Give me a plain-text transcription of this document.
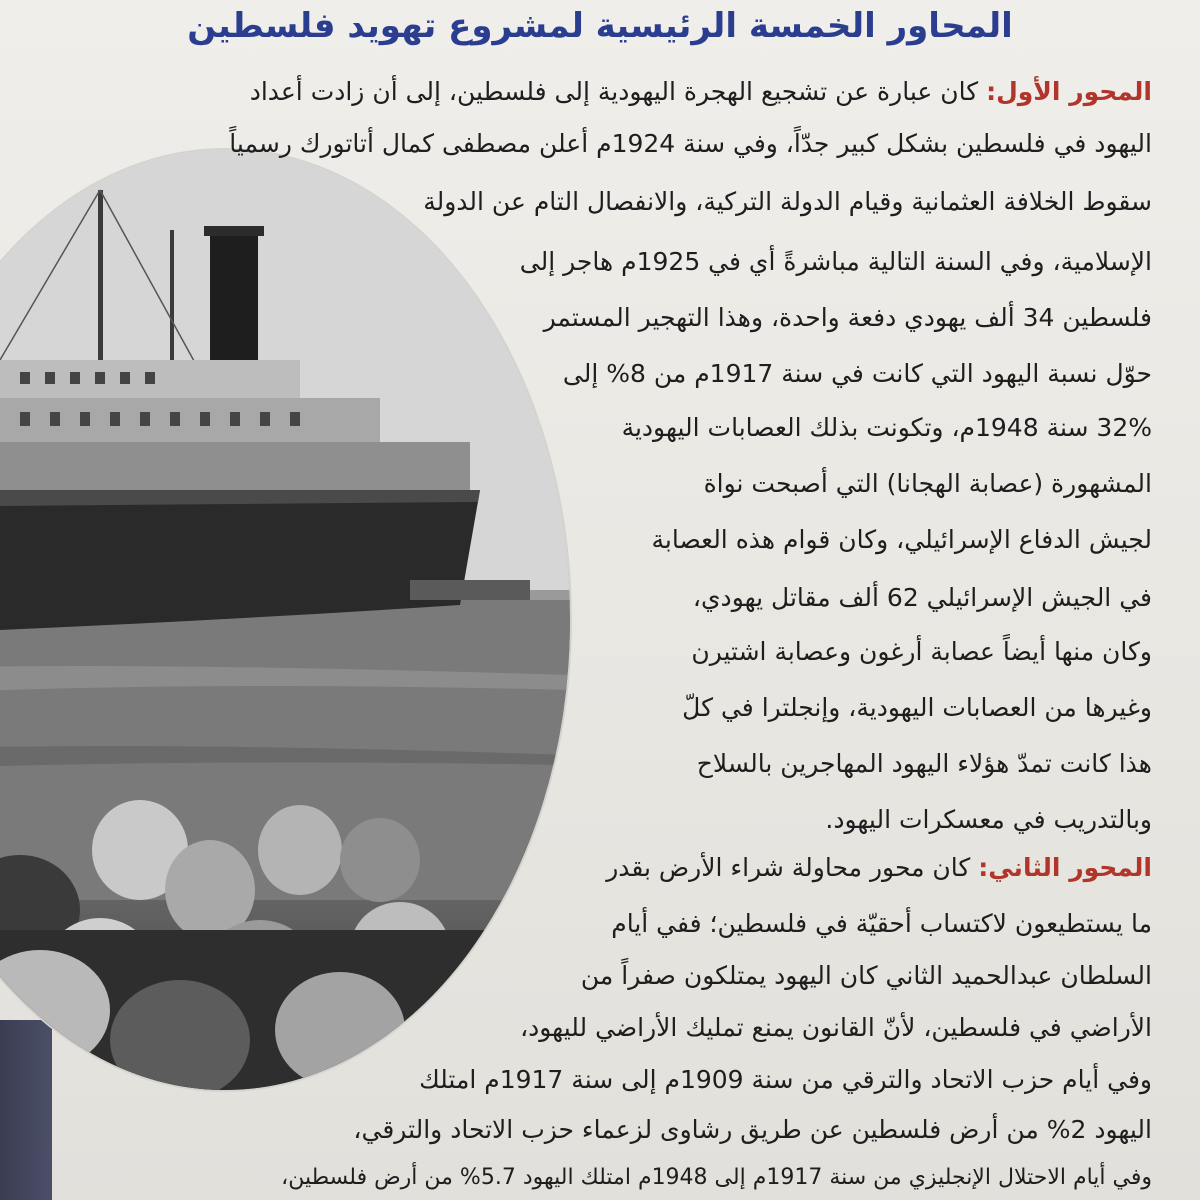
المحاور الخمسة الرئيسية لمشروع تهويد فلسطين
المحور الأول: كان عبارة عن تشجيع الهجرة اليهودية إلى فلسطين، إلى أن زادت أعداد
اليهود في فلسطين بشكل كبير جدّاً، وفي سنة 1924م أعلن مصطفى كمال أتاتورك رسمياً
سقوط الخلافة العثمانية وقيام الدولة التركية، والانفصال التام عن الدولة
الإسلامية، وفي السنة التالية مباشرةً أي في 1925م هاجر إلى
فلسطين 34 ألف يهودي دفعة واحدة، وهذا التهجير المستمر
حوّل نسبة اليهود التي كانت في سنة 1917م من 8% إلى
32% سنة 1948م، وتكونت بذلك العصابات اليهودية
المشهورة (عصابة الهجانا) التي أصبحت نواة
لجيش الدفاع الإسرائيلي، وكان قوام هذه العصابة
في الجيش الإسرائيلي 62 ألف مقاتل يهودي،
وكان منها أيضاً عصابة أرغون وعصابة اشتيرن
وغيرها من العصابات اليهودية، وإنجلترا في كلّ
هذا كانت تمدّ هؤلاء اليهود المهاجرين بالسلاح
وبالتدريب في معسكرات اليهود.
المحور الثاني: كان محور محاولة شراء الأرض بقدر
ما يستطيعون لاكتساب أحقيّة في فلسطين؛ ففي أيام
السلطان عبدالحميد الثاني كان اليهود يمتلكون صفراً من
الأراضي في فلسطين، لأنّ القانون يمنع تمليك الأراضي لليهود،
وفي أيام حزب الاتحاد والترقي من سنة 1909م إلى سنة 1917م امتلك
اليهود 2% من أرض فلسطين عن طريق رشاوى لزعماء حزب الاتحاد والترقي،
وفي أيام الاحتلال الإنجليزي من سنة 1917م إلى 1948م امتلك اليهود 5.7% من أرض فلسطين،
